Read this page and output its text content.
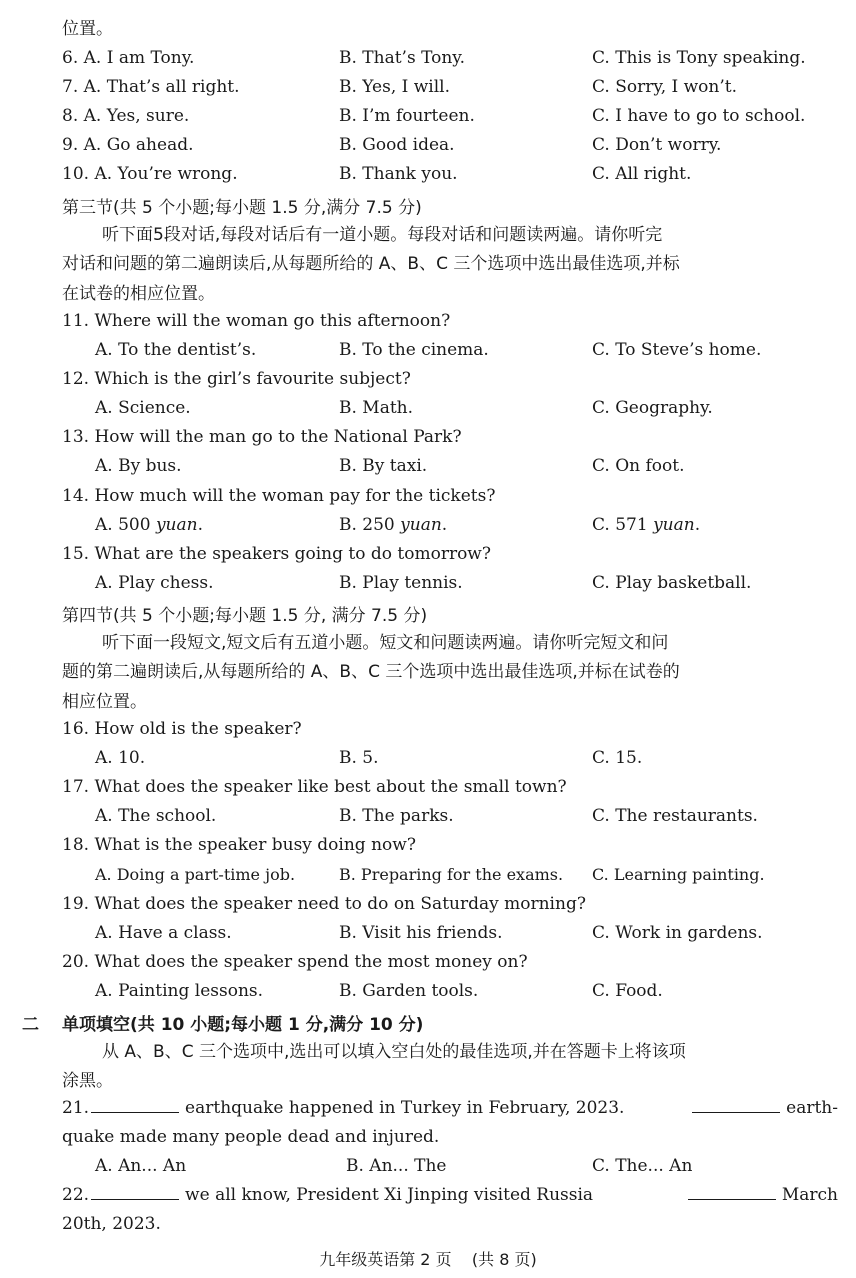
位置。
6. A. I am Tony.	B. That’s Tony.	C. This is Tony speaking.
7. A. That’s all right.	B. Yes, I will.	C. Sorry, I won’t.
8. A. Yes, sure.	B. I’m fourteen.	C. I have to go to school.
9. A. Go ahead.	B. Good idea.	C. Don’t worry.
10. A. You’re wrong.	B. Thank you.	C. All right.
第三节(共 5 个小题;每小题 1.5 分,满分 7.5 分)
听下面5段对话,每段对话后有一道小题。每段对话和问题读两遍。请你听完
对话和问题的第二遍朗读后,从每题所给的 A、B、C 三个选项中选出最佳选项,并标
在试卷的相应位置。
11. Where will the woman go this afternoon?
A. To the dentist’s.	B. To the cinema.	C. To Steve’s home.
12. Which is the girl’s favourite subject?
A. Science.	B. Math.	C. Geography.
13. How will the man go to the National Park?
A. By bus.	B. By taxi.	C. On foot.
14. How much will the woman pay for the tickets?
A. 500 yuan.	B. 250 yuan.	C. 571 yuan.
15. What are the speakers going to do tomorrow?
A. Play chess.	B. Play tennis.	C. Play basketball.
第四节(共 5 个小题;每小题 1.5 分, 满分 7.5 分)
听下面一段短文,短文后有五道小题。短文和问题读两遍。请你听完短文和问
题的第二遍朗读后,从每题所给的 A、B、C 三个选项中选出最佳选项,并标在试卷的
相应位置。
16. How old is the speaker?
A. 10.	B. 5.	C. 15.
17. What does the speaker like best about the small town?
A. The school.	B. The parks.	C. The restaurants.
18. What is the speaker busy doing now?
A. Doing a part-time job.	B. Preparing for the exams. C. Learning painting.
19. What does the speaker need to do on Saturday morning?
A. Have a class.	B. Visit his friends.	C. Work in gardens.
20. What does the speaker spend the most money on?
A. Painting lessons.	B. Garden tools.	C. Food.
二 单项填空(共 10 小题;每小题 1 分,满分 10 分)
从 A、B、C 三个选项中,选出可以填入空白处的最佳选项,并在答题卡上将该项
涂黑。
21.	earthquake happened in Turkey in February, 2023.	earth-
quake made many people dead and injured.
A. An... An	B. An... The	C. The... An
22.	we all know, President Xi Jinping visited Russia	March
20th, 2023.
九年级英语第 2 页    (共 8 页)
